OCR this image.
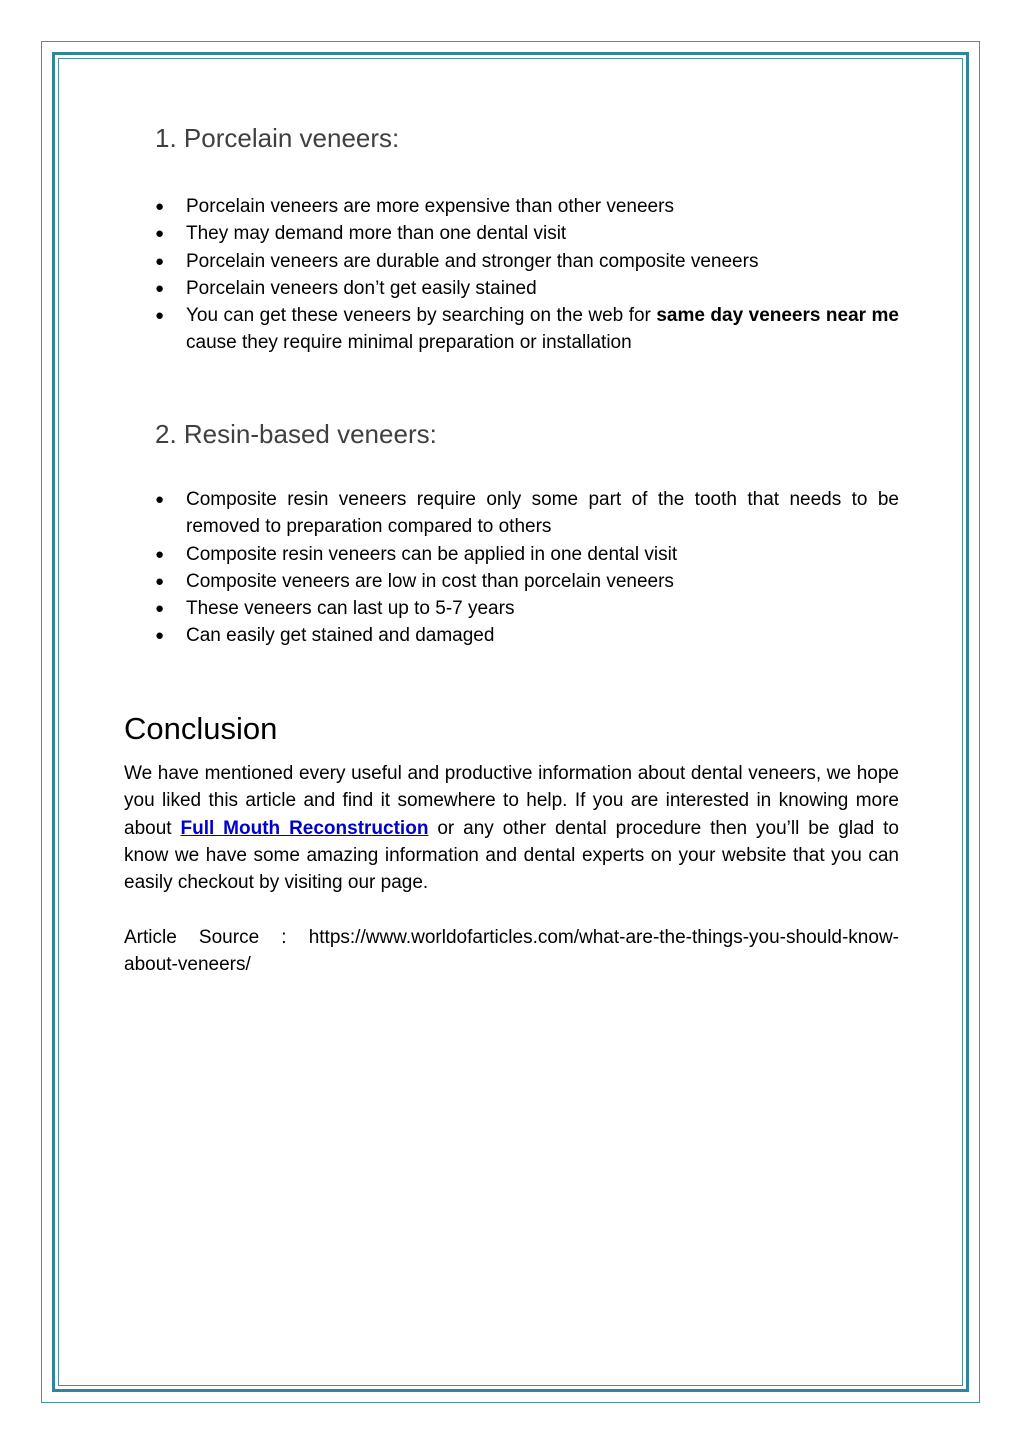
1. Porcelain veneers:
● Porcelain veneers are more expensive than other veneers
● They may demand more than one dental visit
● Porcelain veneers are durable and stronger than composite veneers
● Porcelain veneers don’t get easily stained
● You can get these veneers by searching on the web for same day veneers near me cause they require minimal preparation or installation
2. Resin-based veneers:
● Composite resin veneers require only some part of the tooth that needs to be removed to preparation compared to others
● Composite resin veneers can be applied in one dental visit
● Composite veneers are low in cost than porcelain veneers
● These veneers can last up to 5-7 years
● Can easily get stained and damaged
Conclusion

We have mentioned every useful and productive information about dental veneers, we hope you liked this article and find it somewhere to help. If you are interested in knowing more about Full Mouth Reconstruction or any other dental procedure then you’ll be glad to know we have some amazing information and dental experts on your website that you can easily checkout by visiting our page.

Article Source : https://www.worldofarticles.com/what-are-the-things-you-should-know-about-veneers/
